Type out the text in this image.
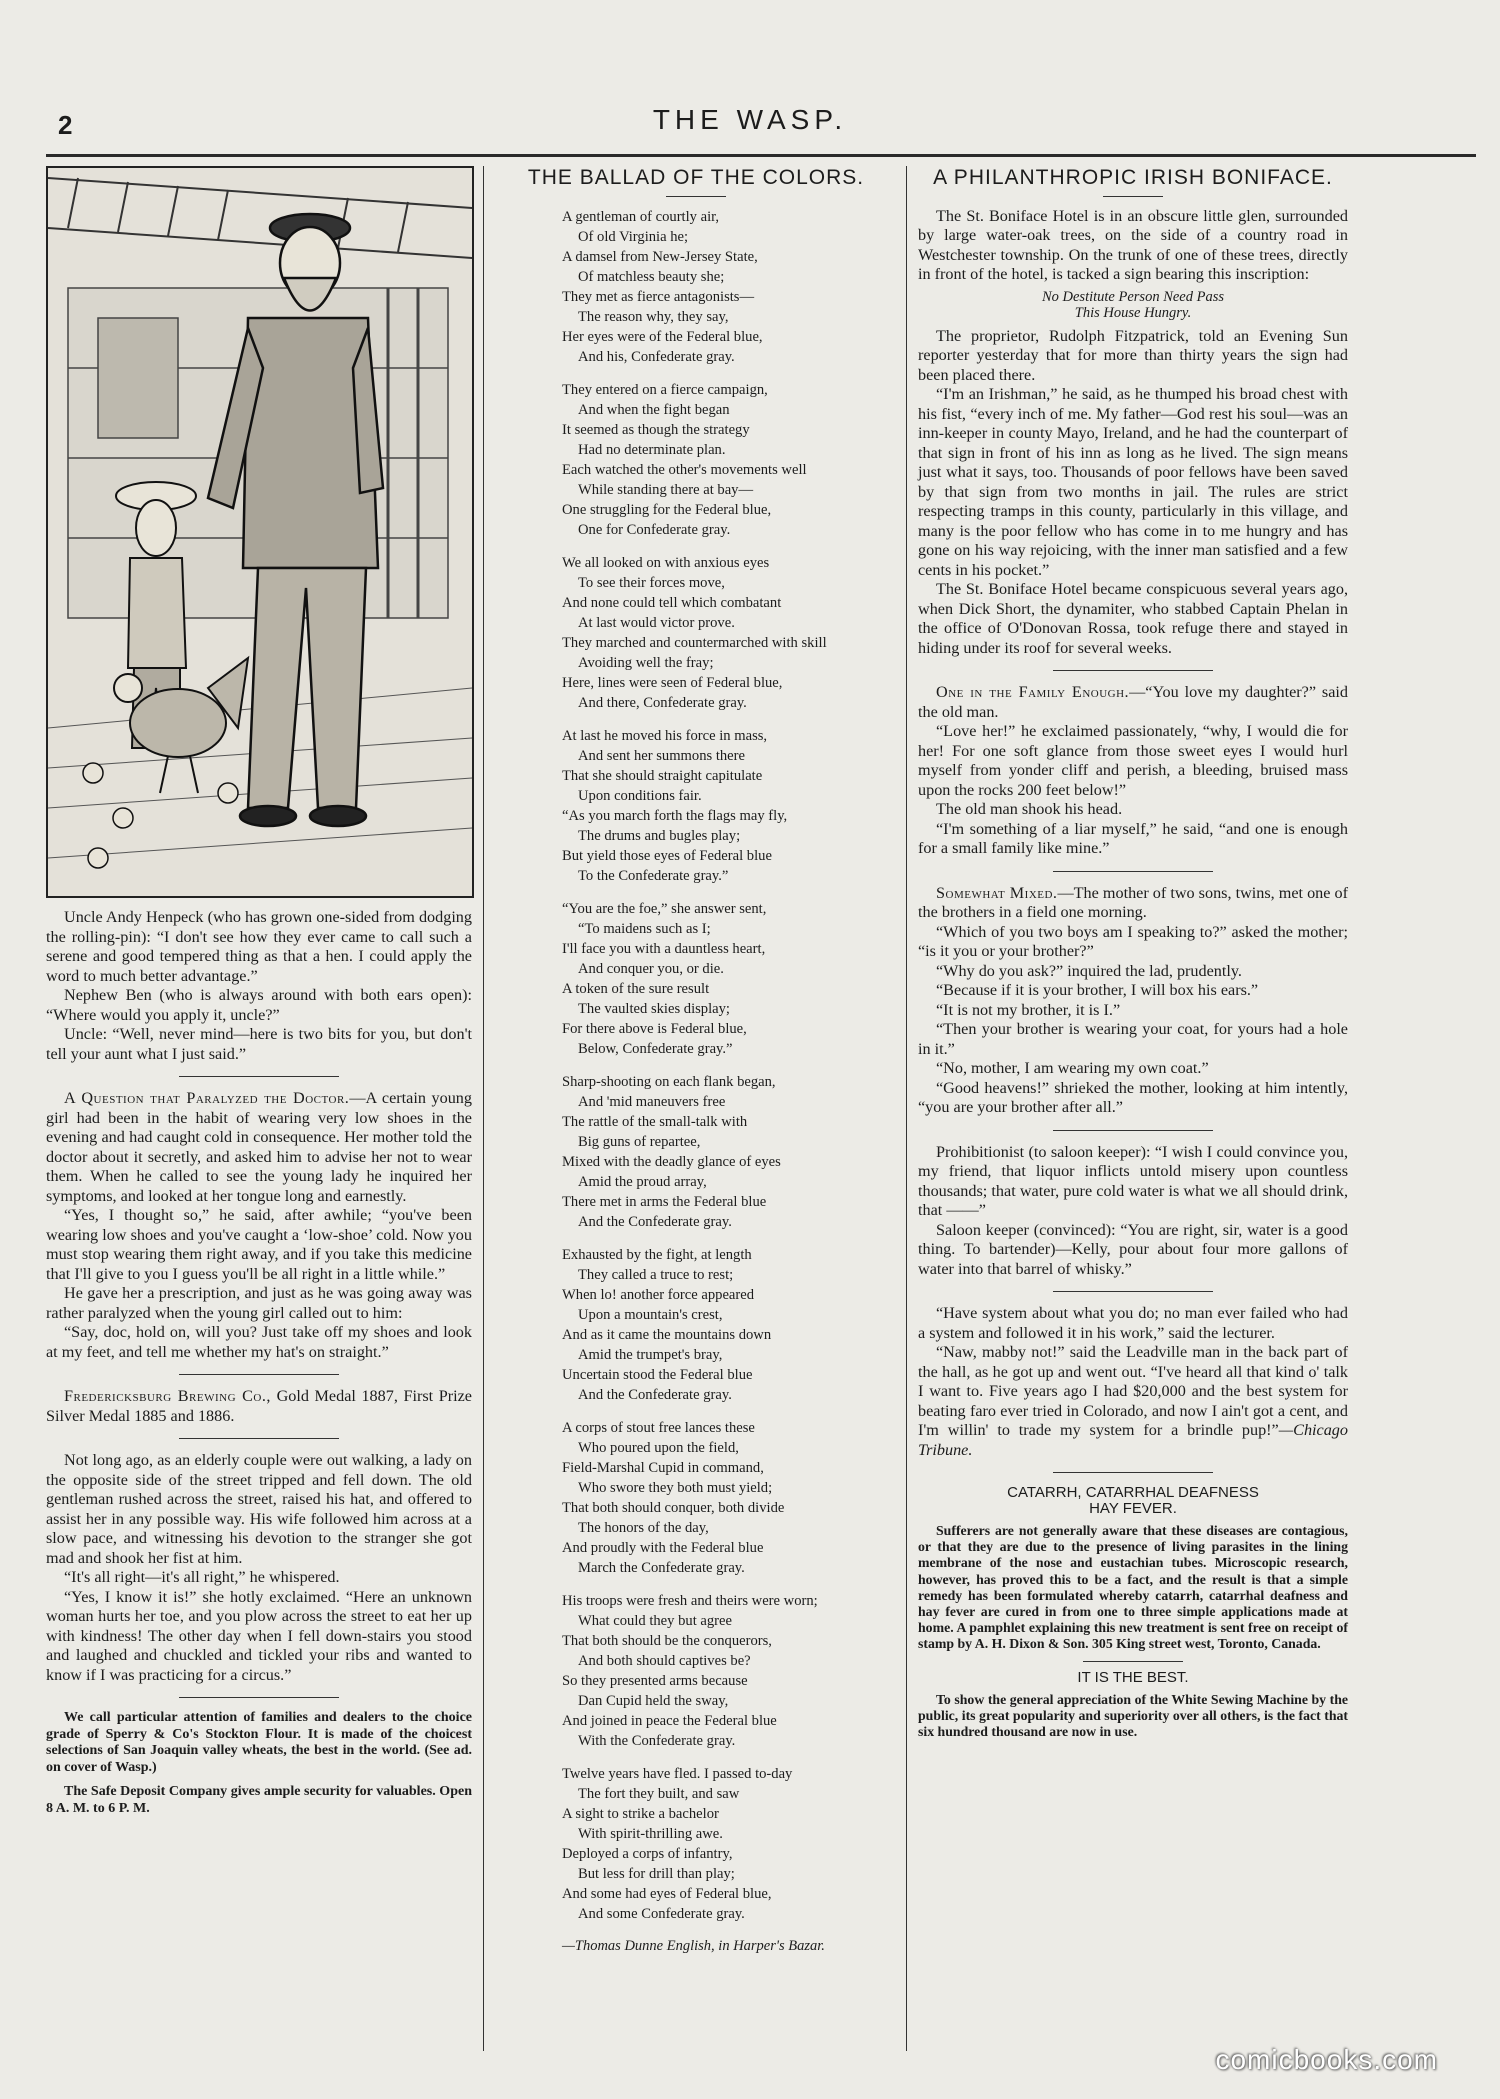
2	THE WASP.

Uncle Andy Henpeck (who has grown one-sided from dodging the rolling-pin): “I don't see how they ever came to call such a serene and good tempered thing as that a hen. I could apply the word to much better advantage.”

Nephew Ben (who is always around with both ears open): “Where would you apply it, uncle?”

Uncle: “Well, never mind—here is two bits for you, but don't tell your aunt what I just said.”

A Question that Paralyzed the Doctor.—A certain young girl had been in the habit of wearing very low shoes in the evening and had caught cold in consequence. Her mother told the doctor about it secretly, and asked him to advise her not to wear them. When he called to see the young lady he inquired her symptoms, and looked at her tongue long and earnestly.

“Yes, I thought so,” he said, after awhile; “you've been wearing low shoes and you've caught a ‘low-shoe’ cold. Now you must stop wearing them right away, and if you take this medicine that I'll give to you I guess you'll be all right in a little while.”

He gave her a prescription, and just as he was going away was rather paralyzed when the young girl called out to him:

“Say, doc, hold on, will you? Just take off my shoes and look at my feet, and tell me whether my hat's on straight.”

Fredericksburg Brewing Co., Gold Medal 1887, First Prize Silver Medal 1885 and 1886.

Not long ago, as an elderly couple were out walking, a lady on the opposite side of the street tripped and fell down. The old gentleman rushed across the street, raised his hat, and offered to assist her in any possible way. His wife followed him across at a slow pace, and witnessing his devotion to the stranger she got mad and shook her fist at him.

“It's all right—it's all right,” he whispered.

“Yes, I know it is!” she hotly exclaimed. “Here an unknown woman hurts her toe, and you plow across the street to eat her up with kindness! The other day when I fell down-stairs you stood and laughed and chuckled and tickled your ribs and wanted to know if I was practicing for a circus.”

We call particular attention of families and dealers to the choice grade of Sperry & Co's Stockton Flour. It is made of the choicest selections of San Joaquin valley wheats, the best in the world. (See ad. on cover of Wasp.)

The Safe Deposit Company gives ample security for valuables. Open 8 A. M. to 6 P. M.

THE BALLAD OF THE COLORS.
A gentleman of courtly air,
Of old Virginia he;
A damsel from New-Jersey State,
Of matchless beauty she;
They met as fierce antagonists—
The reason why, they say,
Her eyes were of the Federal blue,
And his, Confederate gray.
They entered on a fierce campaign,
And when the fight began
It seemed as though the strategy
Had no determinate plan.
Each watched the other's movements well
While standing there at bay—
One struggling for the Federal blue,
One for Confederate gray.
We all looked on with anxious eyes
To see their forces move,
And none could tell which combatant
At last would victor prove.
They marched and countermarched with skill
Avoiding well the fray;
Here, lines were seen of Federal blue,
And there, Confederate gray.
At last he moved his force in mass,
And sent her summons there
That she should straight capitulate
Upon conditions fair.
“As you march forth the flags may fly,
The drums and bugles play;
But yield those eyes of Federal blue
To the Confederate gray.”
“You are the foe,” she answer sent,
“To maidens such as I;
I'll face you with a dauntless heart,
And conquer you, or die.
A token of the sure result
The vaulted skies display;
For there above is Federal blue,
Below, Confederate gray.”
Sharp-shooting on each flank began,
And 'mid maneuvers free
The rattle of the small-talk with
Big guns of repartee,
Mixed with the deadly glance of eyes
Amid the proud array,
There met in arms the Federal blue
And the Confederate gray.
Exhausted by the fight, at length
They called a truce to rest;
When lo! another force appeared
Upon a mountain's crest,
And as it came the mountains down
Amid the trumpet's bray,
Uncertain stood the Federal blue
And the Confederate gray.
A corps of stout free lances these
Who poured upon the field,
Field-Marshal Cupid in command,
Who swore they both must yield;
That both should conquer, both divide
The honors of the day,
And proudly with the Federal blue
March the Confederate gray.
His troops were fresh and theirs were worn;
What could they but agree
That both should be the conquerors,
And both should captives be?
So they presented arms because
Dan Cupid held the sway,
And joined in peace the Federal blue
With the Confederate gray.
Twelve years have fled. I passed to-day
The fort they built, and saw
A sight to strike a bachelor
With spirit-thrilling awe.
Deployed a corps of infantry,
But less for drill than play;
And some had eyes of Federal blue,
And some Confederate gray.
—Thomas Dunne English, in Harper's Bazar.
A PHILANTHROPIC IRISH BONIFACE.

The St. Boniface Hotel is in an obscure little glen, surrounded by large water-oak trees, on the side of a country road in Westchester township. On the trunk of one of these trees, directly in front of the hotel, is tacked a sign bearing this inscription:

No Destitute Person Need Pass
This House Hungry.

The proprietor, Rudolph Fitzpatrick, told an Evening Sun reporter yesterday that for more than thirty years the sign had been placed there.

“I'm an Irishman,” he said, as he thumped his broad chest with his fist, “every inch of me. My father—God rest his soul—was an inn-keeper in county Mayo, Ireland, and he had the counterpart of that sign in front of his inn as long as he lived. The sign means just what it says, too. Thousands of poor fellows have been saved by that sign from two months in jail. The rules are strict respecting tramps in this county, particularly in this village, and many is the poor fellow who has come in to me hungry and has gone on his way rejoicing, with the inner man satisfied and a few cents in his pocket.”

The St. Boniface Hotel became conspicuous several years ago, when Dick Short, the dynamiter, who stabbed Captain Phelan in the office of O'Donovan Rossa, took refuge there and stayed in hiding under its roof for several weeks.

One in the Family Enough.—“You love my daughter?” said the old man.

“Love her!” he exclaimed passionately, “why, I would die for her! For one soft glance from those sweet eyes I would hurl myself from yonder cliff and perish, a bleeding, bruised mass upon the rocks 200 feet below!”

The old man shook his head.

“I'm something of a liar myself,” he said, “and one is enough for a small family like mine.”

Somewhat Mixed.—The mother of two sons, twins, met one of the brothers in a field one morning.

“Which of you two boys am I speaking to?” asked the mother; “is it you or your brother?”

“Why do you ask?” inquired the lad, prudently.

“Because if it is your brother, I will box his ears.”

“It is not my brother, it is I.”

“Then your brother is wearing your coat, for yours had a hole in it.”

“No, mother, I am wearing my own coat.”

“Good heavens!” shrieked the mother, looking at him intently, “you are your brother after all.”

Prohibitionist (to saloon keeper): “I wish I could convince you, my friend, that liquor inflicts untold misery upon countless thousands; that water, pure cold water is what we all should drink, that ——”

Saloon keeper (convinced): “You are right, sir, water is a good thing. To bartender)—Kelly, pour about four more gallons of water into that barrel of whisky.”

“Have system about what you do; no man ever failed who had a system and followed it in his work,” said the lecturer.

“Naw, mabby not!” said the Leadville man in the back part of the hall, as he got up and went out. “I've heard all that kind o' talk I want to. Five years ago I had $20,000 and the best system for beating faro ever tried in Colorado, and now I ain't got a cent, and I'm willin' to trade my system for a brindle pup!”—Chicago Tribune.

CATARRH, CATARRHAL DEAFNESS
HAY FEVER.

Sufferers are not generally aware that these diseases are contagious, or that they are due to the presence of living parasites in the lining membrane of the nose and eustachian tubes. Microscopic research, however, has proved this to be a fact, and the result is that a simple remedy has been formulated whereby catarrh, catarrhal deafness and hay fever are cured in from one to three simple applications made at home. A pamphlet explaining this new treatment is sent free on receipt of stamp by A. H. Dixon & Son. 305 King street west, Toronto, Canada.

IT IS THE BEST.

To show the general appreciation of the White Sewing Machine by the public, its great popularity and superiority over all others, is the fact that six hundred thousand are now in use.

comicbooks.com
